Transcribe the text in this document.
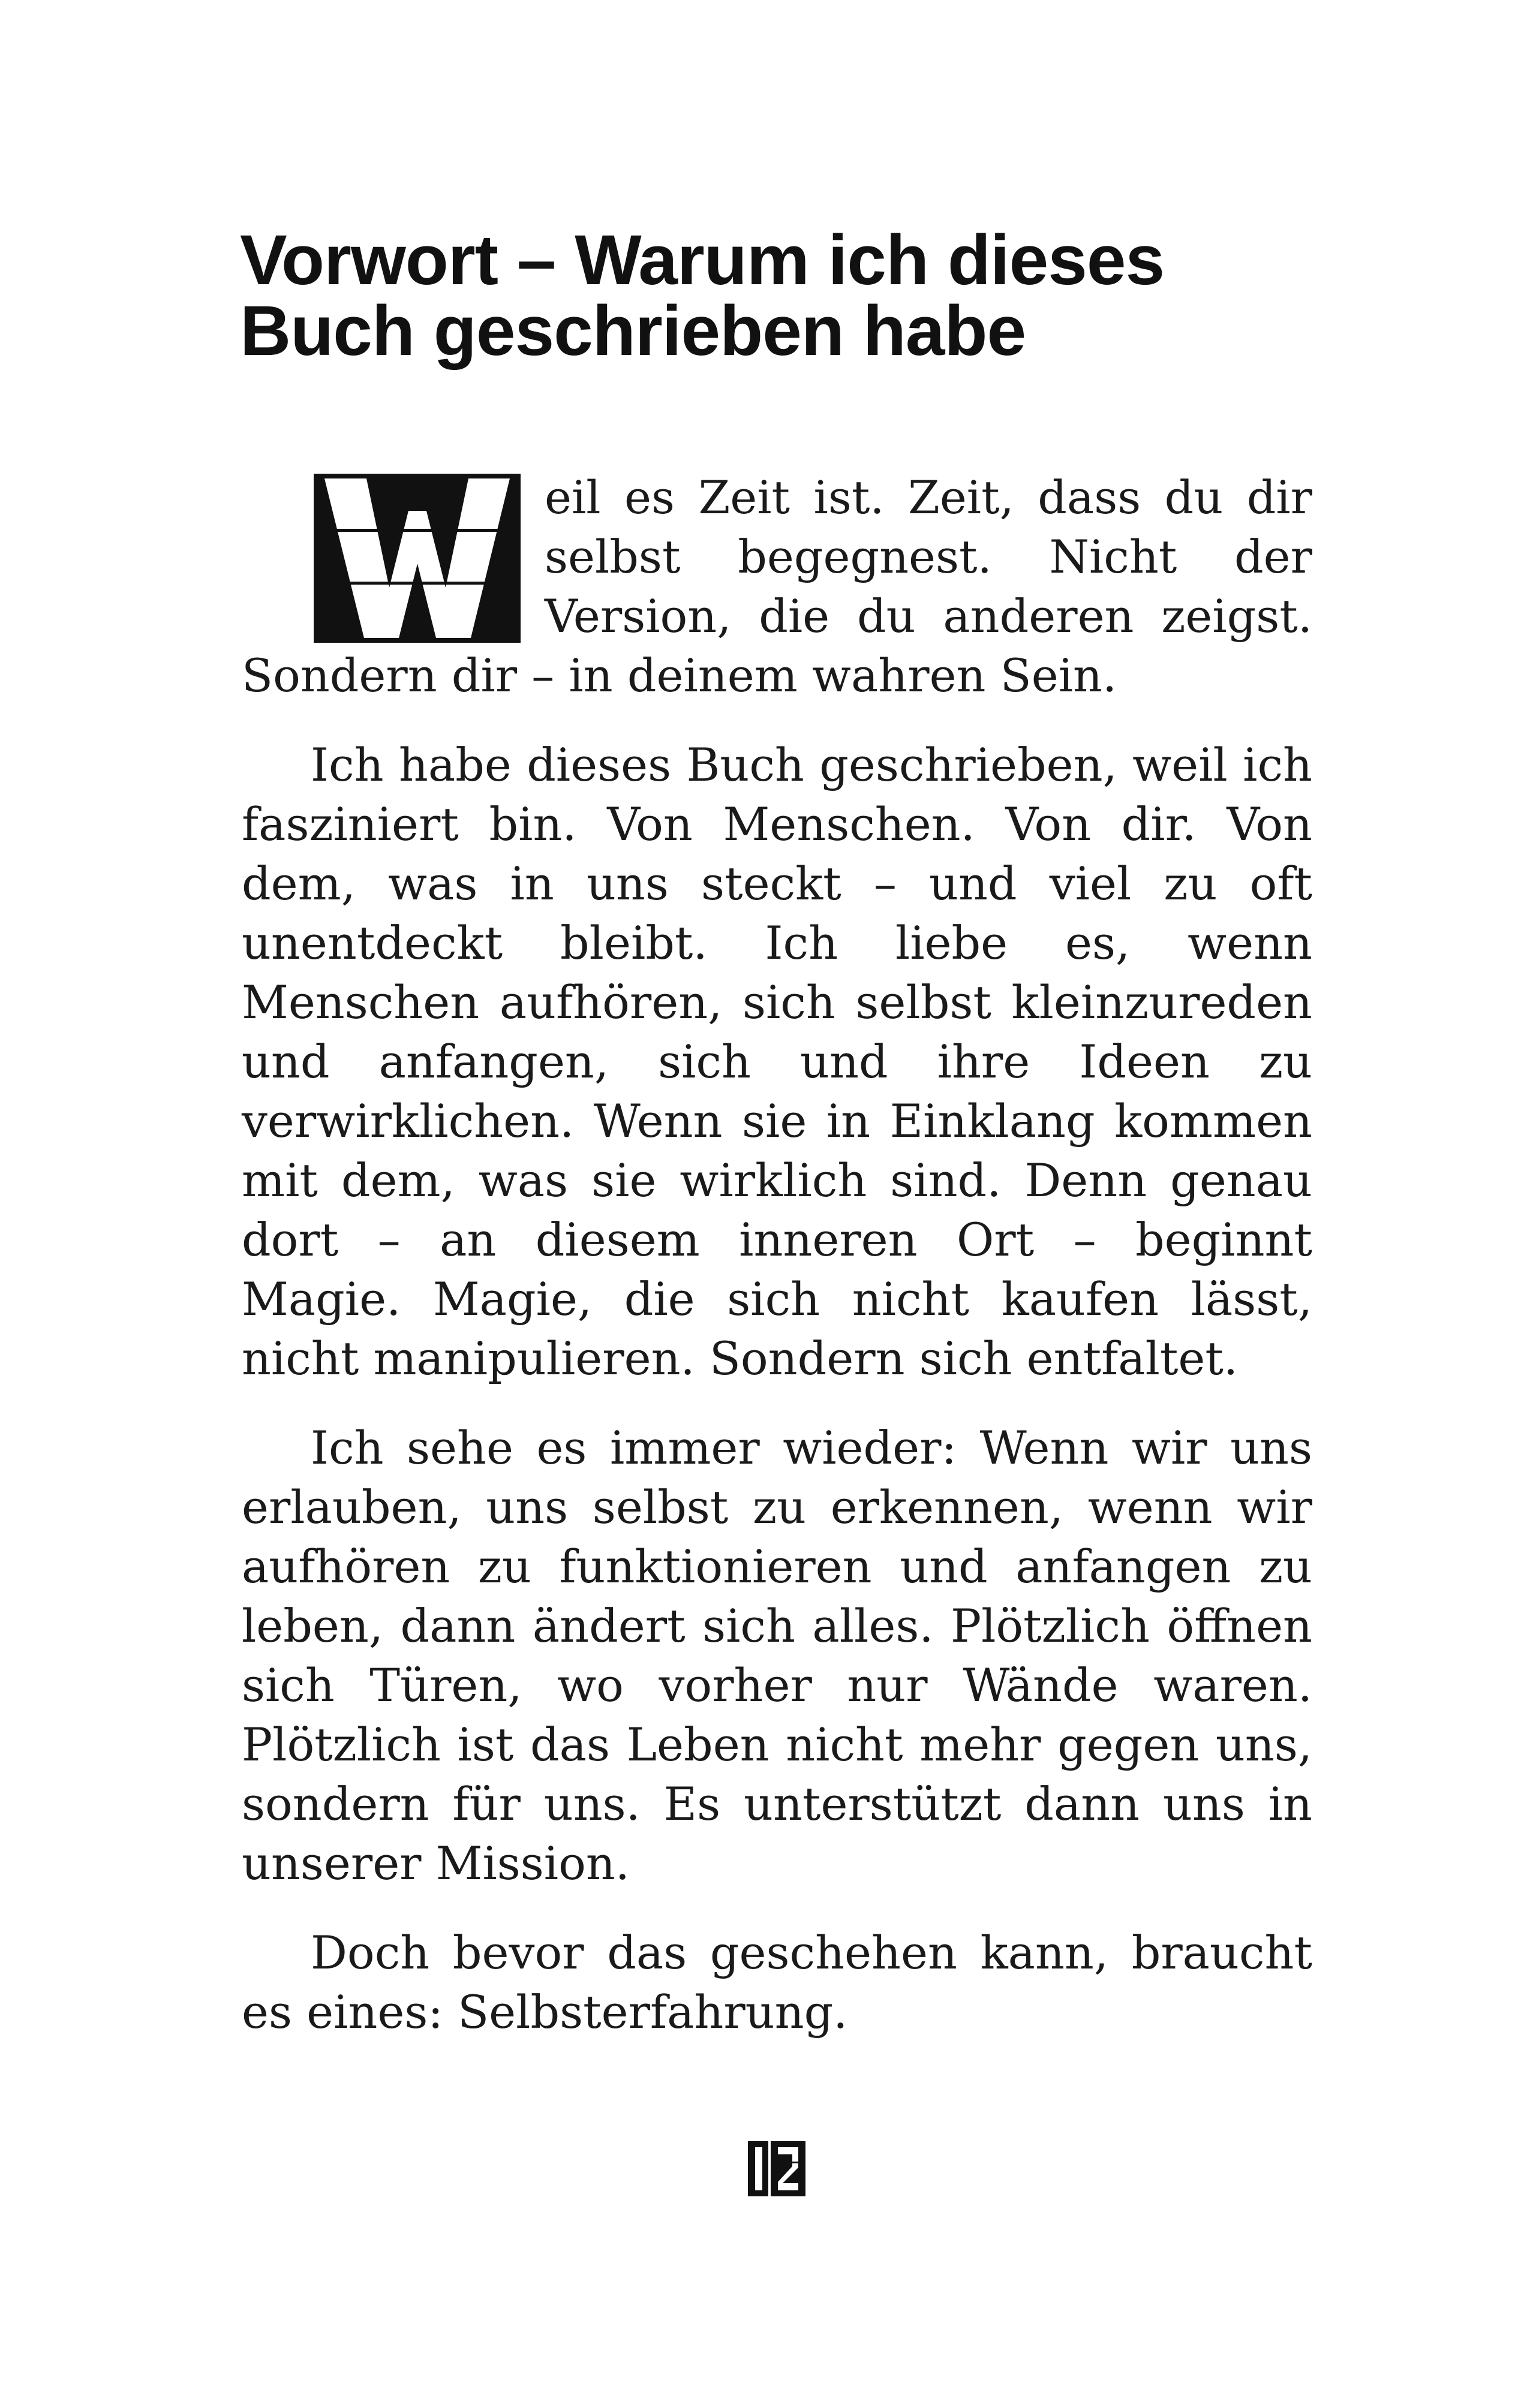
Vorwort – Warum ich dieses Buch geschrieben habe

eil es Zeit ist. Zeit, dass du dir selbst begegnest. Nicht der Version, die du anderen zeigst. Sondern dir – in deinem wahren Sein.

Ich habe dieses Buch geschrieben, weil ich fasziniert bin. Von Menschen. Von dir. Von dem, was in uns steckt – und viel zu oft unentdeckt bleibt. Ich liebe es, wenn Menschen aufhören, sich selbst kleinzureden und anfangen, sich und ihre Ideen zu verwirklichen. Wenn sie in Einklang kommen mit dem, was sie wirklich sind. Denn genau dort – an diesem inneren Ort – beginnt Magie. Magie, die sich nicht kaufen lässt, nicht manipulieren. Sondern sich entfaltet.

Ich sehe es immer wieder: Wenn wir uns erlauben, uns selbst zu erkennen, wenn wir aufhören zu funktionieren und anfangen zu leben, dann ändert sich alles. Plötzlich öffnen sich Türen, wo vorher nur Wände waren. Plötzlich ist das Leben nicht mehr gegen uns, sondern für uns. Es unterstützt dann uns in unserer Mission.

Doch bevor das geschehen kann, braucht es eines: Selbsterfahrung.
